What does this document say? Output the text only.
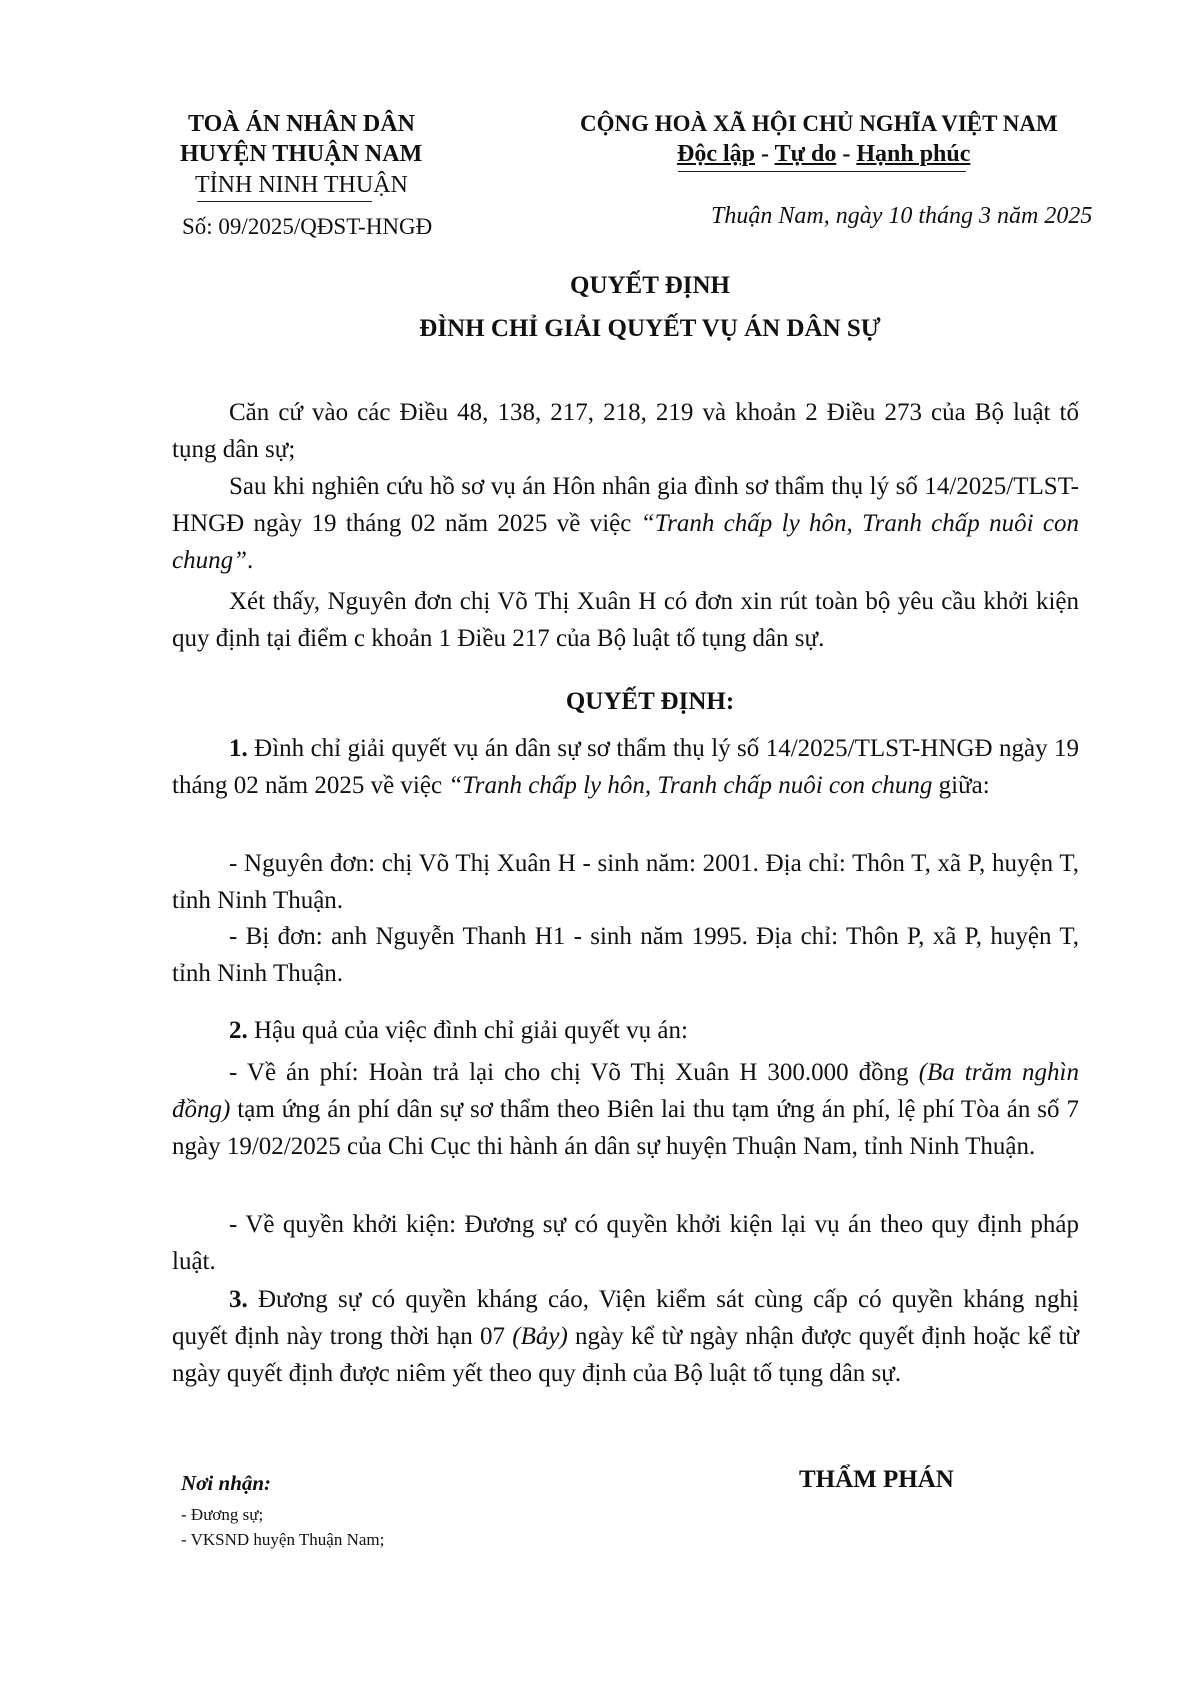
TOÀ ÁN NHÂN DÂN
HUYỆN THUẬN NAM
TỈNH NINH THUẬN
Số: 09/2025/QĐST-HNGĐ
CỘNG HOÀ XÃ HỘI CHỦ NGHĨA VIỆT NAM
Độc lập - Tự do - Hạnh phúc
Thuận Nam, ngày 10 tháng 3 năm 2025
QUYẾT ĐỊNH
ĐÌNH CHỈ GIẢI QUYẾT VỤ ÁN DÂN SỰ
Căn cứ vào các Điều 48, 138, 217, 218, 219 và khoản 2 Điều 273 của Bộ luật tố tụng dân sự;
Sau khi nghiên cứu hồ sơ vụ án Hôn nhân gia đình sơ thẩm thụ lý số 14/2025/TLST-HNGĐ ngày 19 tháng 02 năm 2025 về việc “Tranh chấp ly hôn, Tranh chấp nuôi con chung”.
Xét thấy, Nguyên đơn chị Võ Thị Xuân H có đơn xin rút toàn bộ yêu cầu khởi kiện quy định tại điểm c khoản 1 Điều 217 của Bộ luật tố tụng dân sự.
QUYẾT ĐỊNH:
1. Đình chỉ giải quyết vụ án dân sự sơ thẩm thụ lý số 14/2025/TLST-HNGĐ ngày 19 tháng 02 năm 2025 về việc “Tranh chấp ly hôn, Tranh chấp nuôi con chung giữa:
- Nguyên đơn: chị Võ Thị Xuân H - sinh năm: 2001. Địa chỉ: Thôn T, xã P, huyện T, tỉnh Ninh Thuận.
- Bị đơn: anh Nguyễn Thanh H1 - sinh năm 1995. Địa chỉ: Thôn P, xã P, huyện T, tỉnh Ninh Thuận.
2. Hậu quả của việc đình chỉ giải quyết vụ án:
- Về án phí: Hoàn trả lại cho chị Võ Thị Xuân H 300.000 đồng (Ba trăm nghìn đồng) tạm ứng án phí dân sự sơ thẩm theo Biên lai thu tạm ứng án phí, lệ phí Tòa án số 7 ngày 19/02/2025 của Chi Cục thi hành án dân sự huyện Thuận Nam, tỉnh Ninh Thuận.
- Về quyền khởi kiện: Đương sự có quyền khởi kiện lại vụ án theo quy định pháp luật.
3. Đương sự có quyền kháng cáo, Viện kiểm sát cùng cấp có quyền kháng nghị quyết định này trong thời hạn 07 (Bảy) ngày kể từ ngày nhận được quyết định hoặc kể từ ngày quyết định được niêm yết theo quy định của Bộ luật tố tụng dân sự.
Nơi nhận:
- Đương sự;
- VKSND huyện Thuận Nam;
THẨM PHÁN
